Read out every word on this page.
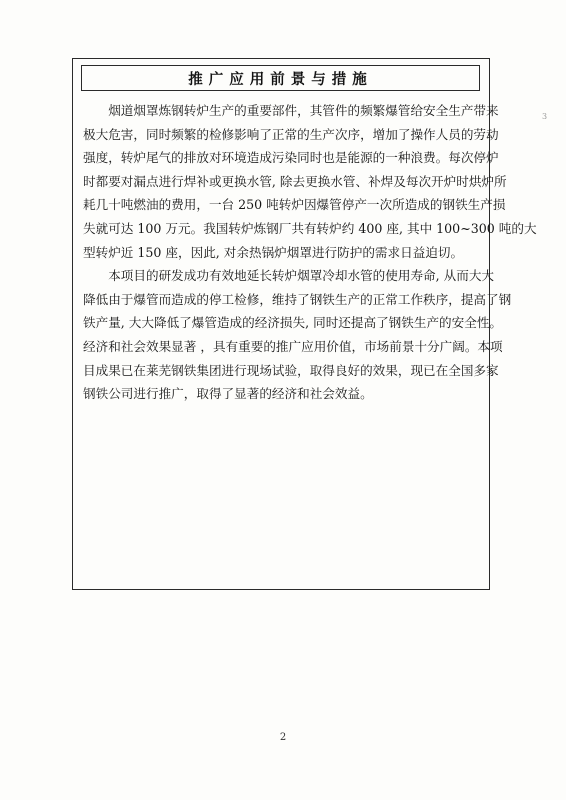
3
推广应用前景与措施

烟道烟罩炼钢转炉生产的重要部件，其管件的频繁爆管给安全生产带来
极大危害，同时频繁的检修影响了正常的生产次序，增加了操作人员的劳动
强度，转炉尾气的排放对环境造成污染同时也是能源的一种浪费。每次停炉
时都要对漏点进行焊补或更换水管, 除去更换水管、补焊及每次开炉时烘炉所
耗几十吨燃油的费用，一台 250 吨转炉因爆管停产一次所造成的钢铁生产损
失就可达 100 万元。我国转炉炼钢厂共有转炉约 400 座, 其中 100~300 吨的大
型转炉近 150 座，因此, 对余热锅炉烟罩进行防护的需求日益迫切。

本项目的研发成功有效地延长转炉烟罩冷却水管的使用寿命, 从而大大
降低由于爆管而造成的停工检修，维持了钢铁生产的正常工作秩序，提高了钢
铁产量, 大大降低了爆管造成的经济损失, 同时还提高了钢铁生产的安全性。
经济和社会效果显著 ，具有重要的推广应用价值，市场前景十分广阔。本项
目成果已在莱芜钢铁集团进行现场试验，取得良好的效果，现已在全国多家
钢铁公司进行推广，取得了显著的经济和社会效益。

2
